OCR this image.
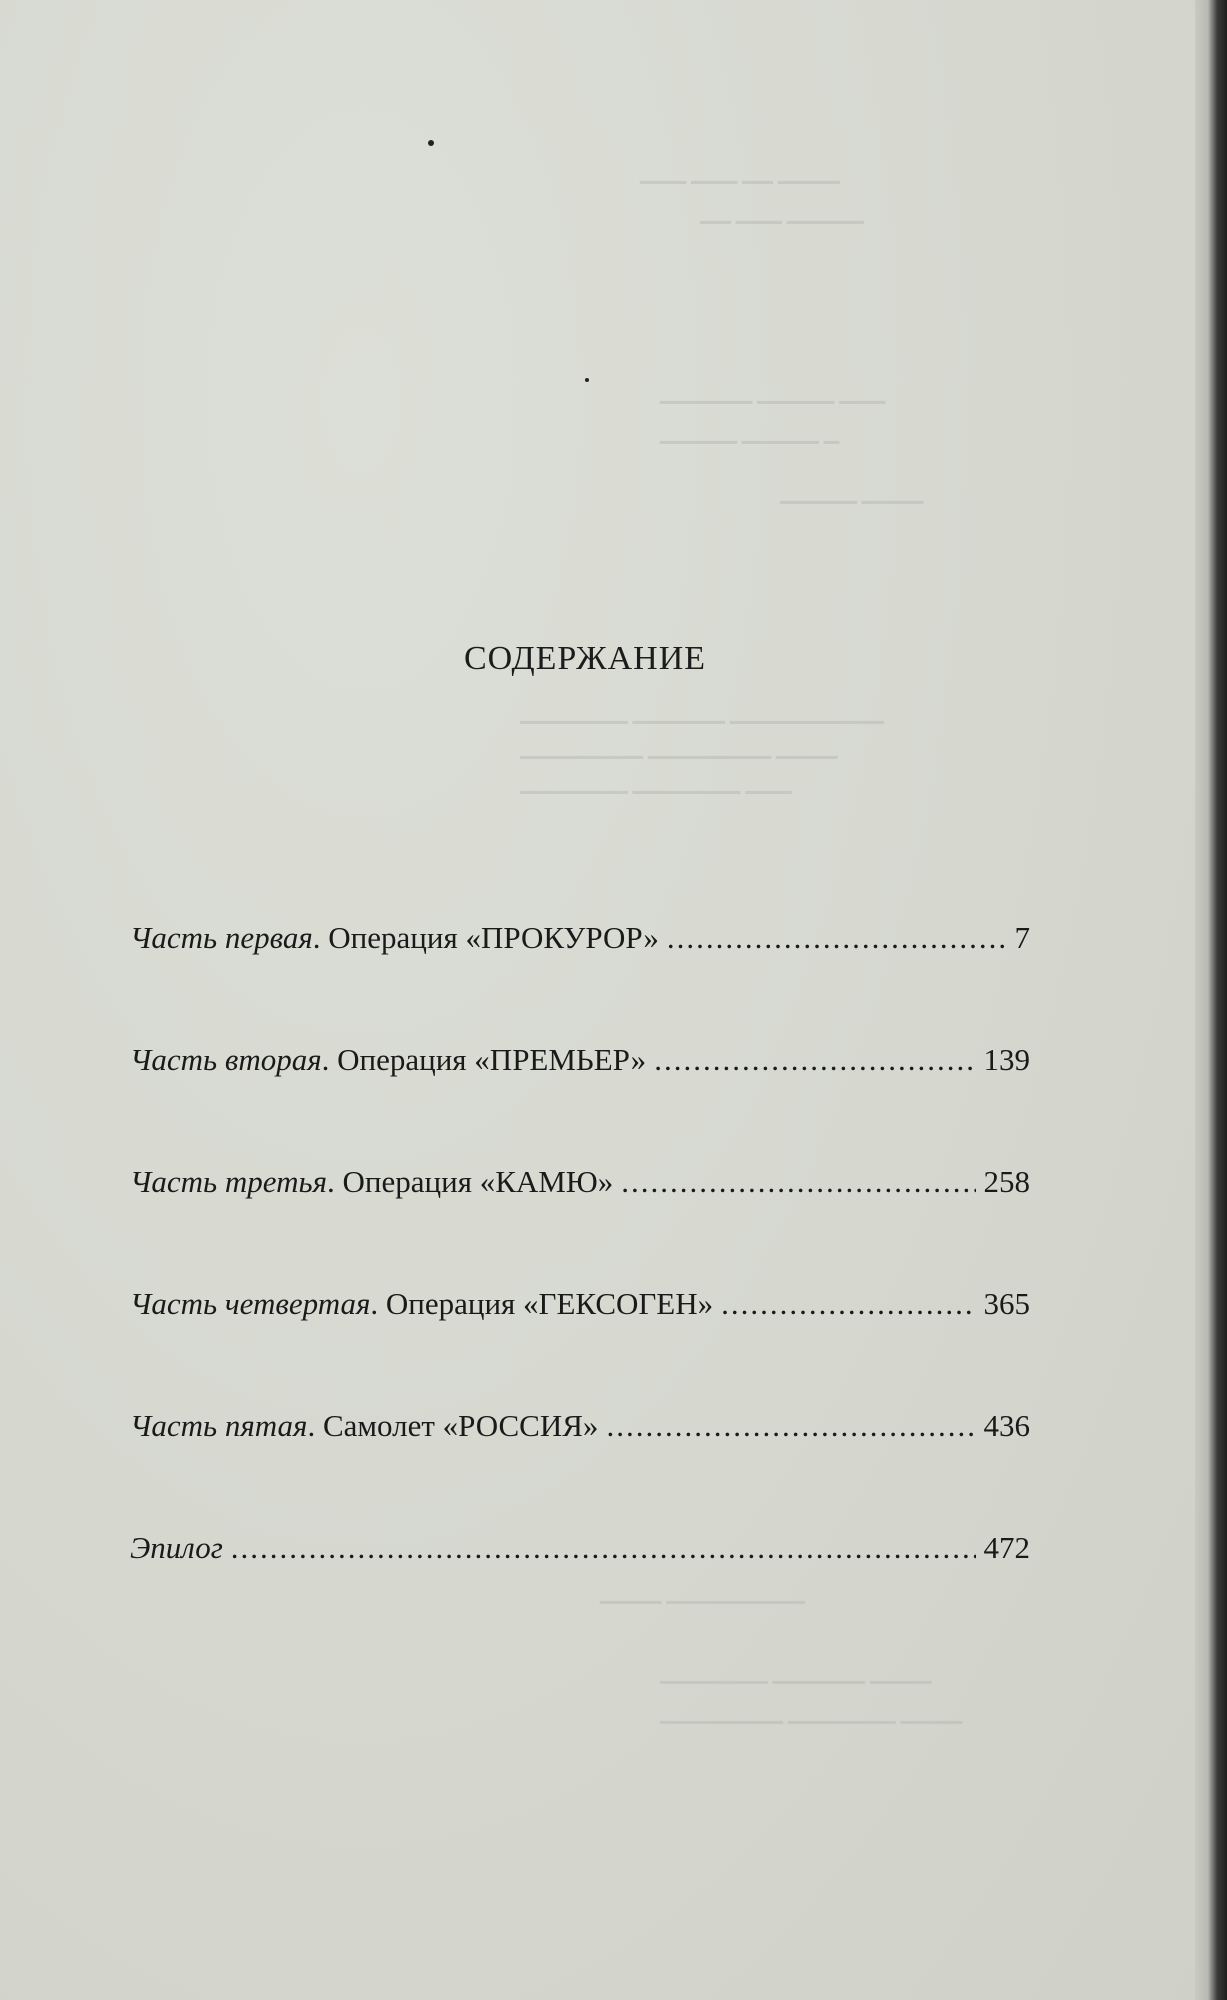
▁▁▁ ▁▁▁ ▁▁ ▁▁▁▁
▁▁ ▁▁▁ ▁▁▁▁▁
▁▁▁▁▁▁ ▁▁▁▁▁ ▁▁▁
▁▁▁▁▁ ▁▁▁▁▁ ▁
▁▁▁▁▁ ▁▁▁▁
▁▁▁▁▁▁▁ ▁▁▁▁▁▁ ▁▁▁▁▁▁▁▁▁▁
▁▁▁▁▁▁▁▁ ▁▁▁▁▁▁▁▁ ▁▁▁▁
▁▁▁▁▁▁▁ ▁▁▁▁▁▁▁ ▁▁▁
▁▁▁▁ ▁▁▁▁▁▁▁▁▁
▁▁▁▁▁▁▁ ▁▁▁▁▁▁ ▁▁▁▁
▁▁▁▁▁▁▁▁ ▁▁▁▁▁▁▁ ▁▁▁▁
СОДЕРЖАНИЕ
Часть первая . Операция «ПРОКУРОР» .....	7
Часть вторая . Операция «ПРЕМЬЕР» .....	139
Часть третья . Операция «КАМЮ» .....	258
Часть четвертая . Операция «ГЕКСОГЕН» .....	365
Часть пятая . Самолет «РОССИЯ» .....	436
Эпилог .....	472
